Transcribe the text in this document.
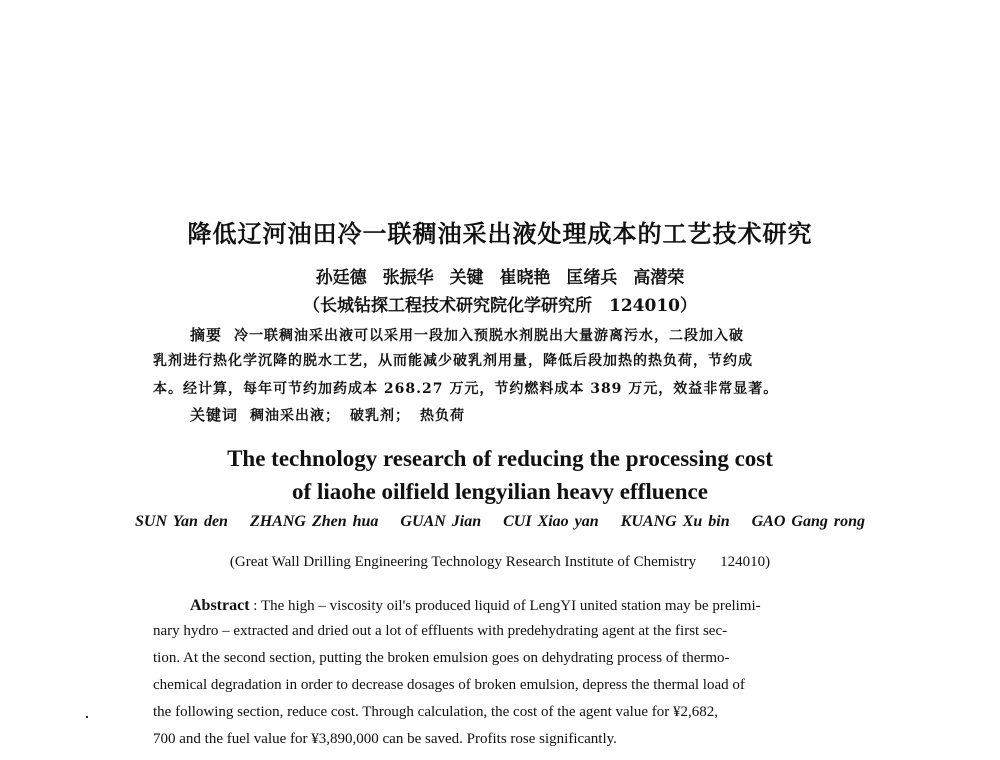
降低辽河油田冷一联稠油采出液处理成本的工艺技术研究
孙廷德 张振华 关键 崔晓艳 匡绪兵 高潜荣
（长城钻探工程技术研究院化学研究所　124010）
摘要 冷一联稠油采出液可以采用一段加入预脱水剂脱出大量游离污水，二段加入破
乳剂进行热化学沉降的脱水工艺，从而能减少破乳剂用量，降低后段加热的热负荷，节约成
本。经计算，每年可节约加药成本 268.27 万元，节约燃料成本 389 万元，效益非常显著。
关键词 稠油采出液； 破乳剂； 热负荷
The technology research of reducing the processing cost
of liaohe oilfield lengyilian heavy effluence
SUN Yan den ZHANG Zhen hua GUAN Jian CUI Xiao yan KUANG Xu bin GAO Gang rong
(Great Wall Drilling Engineering Technology Research Institute of Chemistry 124010)
Abstract : The high – viscosity oil's produced liquid of LengYI united station may be prelimi-
nary hydro – extracted and dried out a lot of effluents with predehydrating agent at the first sec-
tion. At the second section, putting the broken emulsion goes on dehydrating process of thermo-
chemical degradation in order to decrease dosages of broken emulsion, depress the thermal load of
the following section, reduce cost. Through calculation, the cost of the agent value for ¥2,682,
700 and the fuel value for ¥3,890,000 can be saved. Profits rose significantly.
